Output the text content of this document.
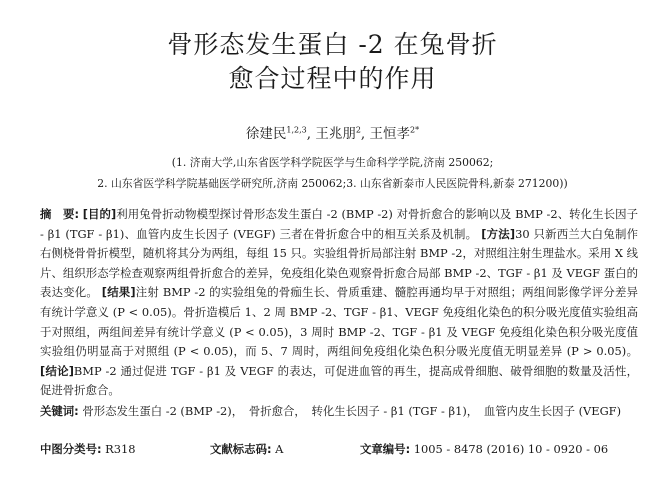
骨形态发生蛋白 -2 在兔骨折
愈合过程中的作用
徐建民$^{1,2,3}$, 王兆朋$^2$, 王恒孝$^{2*}$
(1. 济南大学,山东省医学科学院医学与生命科学学院,济南 250062;
2. 山东省医学科学院基础医学研究所,济南 250062;3. 山东省新泰市人民医院骨科,新泰 271200))
摘　要: [目的]利用兔骨折动物模型探讨骨形态发生蛋白 -2 (BMP -2) 对骨折愈合的影响以及 BMP -2、转化生长因子 - β1 (TGF - β1)、血管内皮生长因子 (VEGF) 三者在骨折愈合中的相互关系及机制。 [方法]30 只新西兰大白兔制作右侧桡骨骨折模型，随机将其分为两组，每组 15 只。实验组骨折局部注射 BMP -2，对照组注射生理盐水。采用 X 线片、组织形态学检查观察两组骨折愈合的差异，免疫组化染色观察骨折愈合局部 BMP -2、TGF - β1 及 VEGF 蛋白的表达变化。 [结果]注射 BMP -2 的实验组兔的骨痂生长、骨质重建、髓腔再通均早于对照组；两组间影像学评分差异有统计学意义 (P < 0.05)。骨折造模后 1、2 周 BMP -2、TGF - β1、VEGF 免疫组化染色的积分吸光度值实验组高于对照组，两组间差异有统计学意义 (P < 0.05)，3 周时 BMP -2、TGF - β1 及 VEGF 免疫组化染色积分吸光度值实验组仍明显高于对照组 (P < 0.05)，而 5、7 周时，两组间免疫组化染色积分吸光度值无明显差异 (P > 0.05)。 [结论]BMP -2 通过促进 TGF - β1 及 VEGF 的表达，可促进血管的再生，提高成骨细胞、破骨细胞的数量及活性，促进骨折愈合。
关键词: 骨形态发生蛋白 -2 (BMP -2)，　骨折愈合，　转化生长因子 - β1 (TGF - β1)，　血管内皮生长因子 (VEGF)
中图分类号: R318	文献标志码: A	文章编号: 1005 - 8478 (2016) 10 - 0920 - 06
